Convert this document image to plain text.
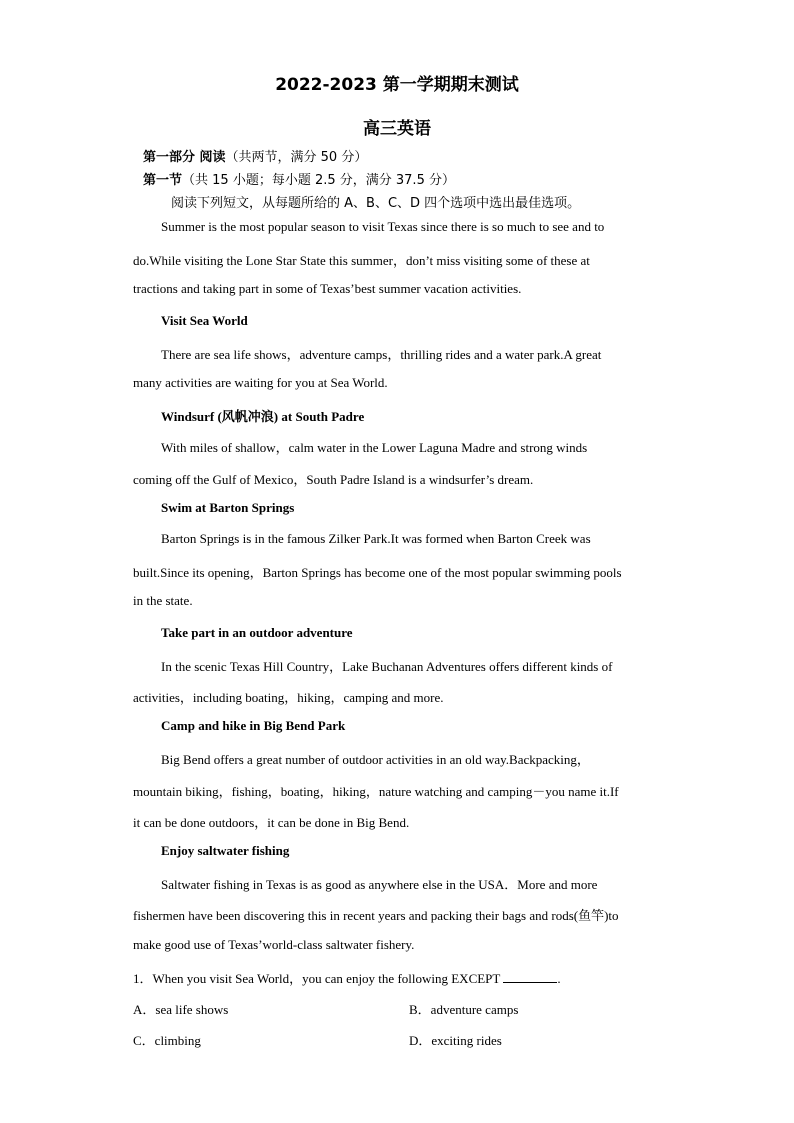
2022-2023 第一学期期末测试
高三英语
第一部分 阅读（共两节，满分 50 分）
第一节（共 15 小题；每小题 2.5 分，满分 37.5 分）
阅读下列短文，从每题所给的 A、B、C、D 四个选项中选出最佳选项。
Summer is the most popular season to visit Texas since there is so much to see and to
do.While visiting the Lone Star State this summer，don’t miss visiting some of these at
tractions and taking part in some of Texas’best summer vacation activities.
Visit Sea World
There are sea life shows，adventure camps，thrilling rides and a water park.A great
many activities are waiting for you at Sea World.
Windsurf (风帆冲浪) at South Padre
With miles of shallow，calm water in the Lower Laguna Madre and strong winds
coming off the Gulf of Mexico，South Padre Island is a windsurfer’s dream.
Swim at Barton Springs
Barton Springs is in the famous Zilker Park.It was formed when Barton Creek was
built.Since its opening，Barton Springs has become one of the most popular swimming pools
in the state.
Take part in an outdoor adventure
In the scenic Texas Hill Country，Lake Buchanan Adventures offers different kinds of
activities，including boating，hiking，camping and more.
Camp and hike in Big Bend Park
Big Bend offers a great number of outdoor activities in an old way.Backpacking，
mountain biking，fishing，boating，hiking，nature watching and camping－you name it.If
it can be done outdoors，it can be done in Big Bend.
Enjoy saltwater fishing
Saltwater fishing in Texas is as good as anywhere else in the USA．More and more
fishermen have been discovering this in recent years and packing their bags and rods(鱼竿)to
make good use of Texas’world-class saltwater fishery.
1．When you visit Sea World，you can enjoy the following EXCEPT	.
A．sea life shows	B．adventure camps
C．climbing	D．exciting rides
